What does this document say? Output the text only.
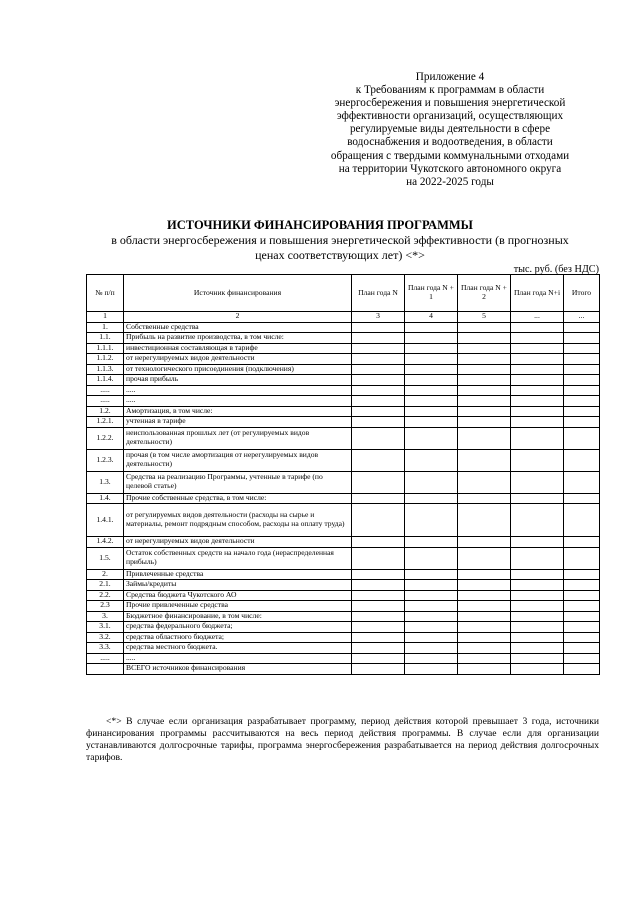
Приложение 4
к Требованиям к программам в области
энергосбережения и повышения энергетической
эффективности организаций, осуществляющих
регулируемые виды деятельности в сфере
водоснабжения и водоотведения, в области
обращения с твердыми коммунальными отходами
на территории Чукотского автономного округа
на 2022-2025 годы
ИСТОЧНИКИ ФИНАНСИРОВАНИЯ ПРОГРАММЫ
в области энергосбережения и повышения энергетической эффективности (в прогнозных
ценах соответствующих лет) <*>
тыс. руб. (без НДС)
№ п/п	Источник финансирования	План года N	План года N + 1	План года N + 2	План года N+i	Итого
1	2	3	4	5	...	...
1.	Собственные средства					
1.1.	Прибыль на развитие производства, в том числе:					
1.1.1.	инвестиционная составляющая в тарифе					
1.1.2.	от нерегулируемых видов деятельности					
1.1.3.	от технологического присоединения (подключения)					
1.1.4.	прочая прибыль					
.....	.....					
.....	.....					
1.2.	Амортизация, в том числе:					
1.2.1.	учтенная в тарифе					
1.2.2.	неиспользованная прошлых лет (от регулируемых видов деятельности)					
1.2.3.	прочая (в том числе амортизация от нерегулируемых видов деятельности)					
1.3.	Средства на реализацию Программы, учтенные в тарифе (по целевой статье)					
1.4.	Прочие собственные средства, в том числе:					
1.4.1.	от регулируемых видов деятельности (расходы на сырье и материалы, ремонт подрядным способом, расходы на оплату труда)					
1.4.2.	от нерегулируемых видов деятельности					
1.5.	Остаток собственных средств на начало года (нераспределенная прибыль)					
2.	Привлеченные средства					
2.1.	Займы/кредиты					
2.2.	Средства бюджета Чукотского АО					
2.3	Прочие привлеченные средства					
3.	Бюджетное финансирование, в том числе:					
3.1.	средства федерального бюджета;					
3.2.	средства областного бюджета;					
3.3.	средства местного бюджета.					
.....	.....					
	ВСЕГО источников финансирования					
<*> В случае если организация разрабатывает программу, период действия которой превышает 3 года, источники финансирования программы рассчитываются на весь период действия программы. В случае если для организации устанавливаются долгосрочные тарифы, программа энергосбережения разрабатывается на период действия долгосрочных тарифов.
